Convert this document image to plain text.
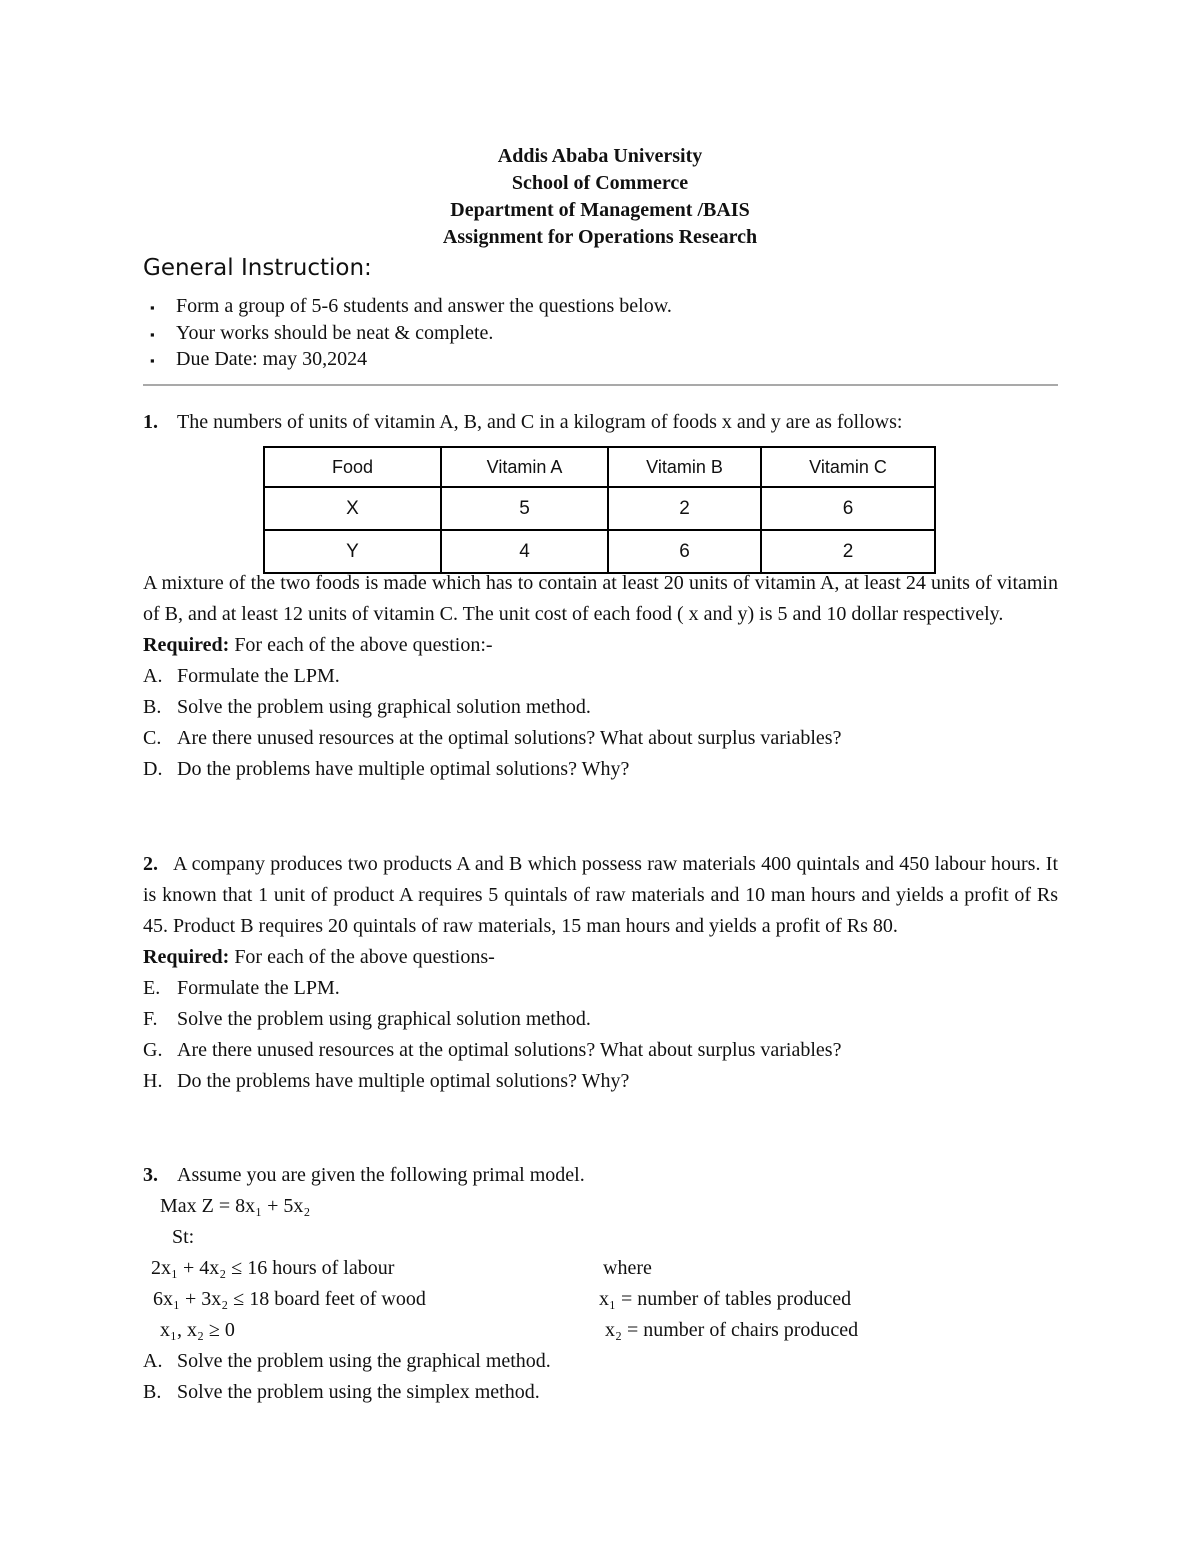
Addis Ababa University
School of Commerce
Department of Management /BAIS
Assignment for Operations Research
General Instruction:
▪	Form a group of 5-6 students and answer the questions below.
▪	Your works should be neat & complete.
▪	Due Date: may 30,2024
1. The numbers of units of vitamin A, B, and C in a kilogram of foods x and y are as follows:
Food	Vitamin A	Vitamin B	Vitamin C
X	5	2	6
Y	4	6	2
A mixture of the two foods is made which has to contain at least 20 units of vitamin A, at least 24 units of vitamin of B, and at least 12 units of vitamin C. The unit cost of each food ( x and y) is 5 and 10 dollar respectively.
Required: For each of the above question:-
A. Formulate the LPM.
B. Solve the problem using graphical solution method.
C. Are there unused resources at the optimal solutions? What about surplus variables?
D. Do the problems have multiple optimal solutions? Why?
2. A company produces two products A and B which possess raw materials 400 quintals and 450 labour hours. It is known that 1 unit of product A requires 5 quintals of raw materials and 10 man hours and yields a profit of Rs 45. Product B requires 20 quintals of raw materials, 15 man hours and yields a profit of Rs 80.
Required: For each of the above questions-
E. Formulate the LPM.
F. Solve the problem using graphical solution method.
G. Are there unused resources at the optimal solutions? What about surplus variables?
H. Do the problems have multiple optimal solutions? Why?
3. Assume you are given the following primal model.
Max Z = 8x₁ + 5x₂
St:
2x₁ + 4x₂ ≤ 16 hours of labour	where
6x₁ + 3x₂ ≤ 18 board feet of wood	x₁ = number of tables produced
x₁, x₂ ≥ 0	x₂ = number of chairs produced
A. Solve the problem using the graphical method.
B. Solve the problem using the simplex method.
